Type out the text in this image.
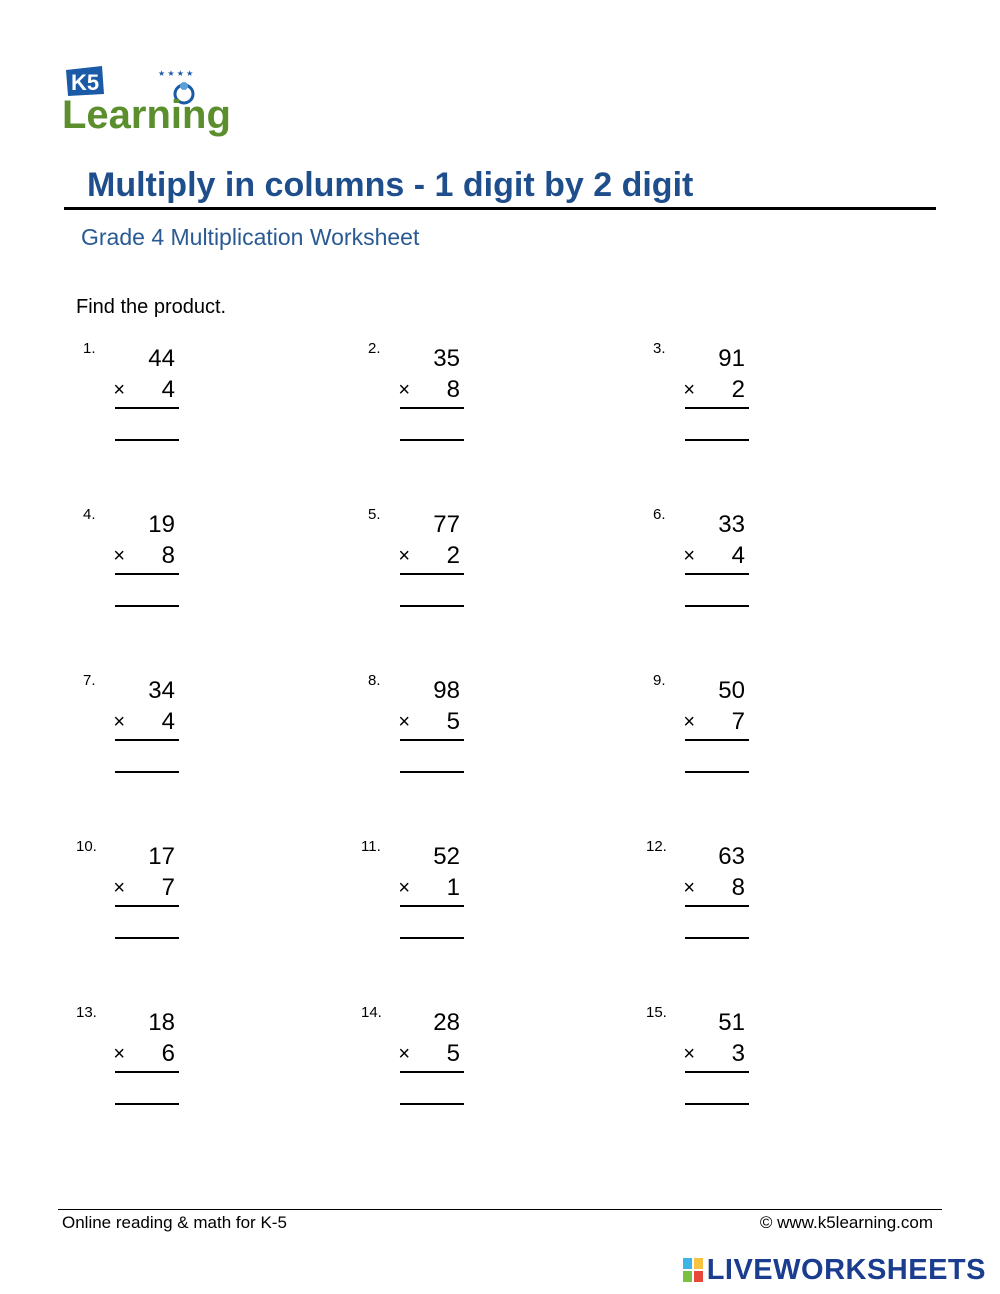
K5	★ ★ ★ ★
Learning
Multiply in columns - 1 digit by 2 digit
Grade 4 Multiplication Worksheet
Find the product.
1. 44
× 4
2. 35
× 8
3. 91
× 2
4. 19
× 8
5. 77
× 2
6. 33
× 4
7. 34
× 4
8. 98
× 5
9. 50
× 7
10. 17
× 7
11. 52
× 1
12. 63
× 8
13. 18
× 6
14. 28
× 5
15. 51
× 3
Online reading & math for K-5	© www.k5learning.com
LIVEWORKSHEETS
